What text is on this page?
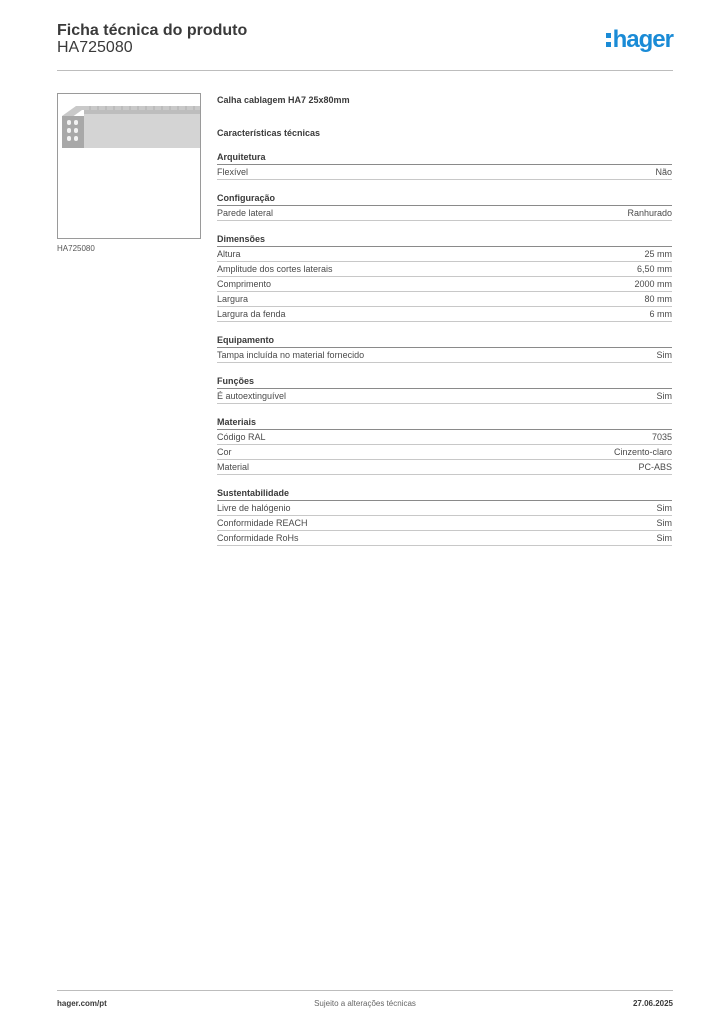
Ficha técnica do produto
HA725080	hager
HA725080
Calha cablagem HA7 25x80mm
Características técnicas
Arquitetura
Flexível	Não
Configuração
Parede lateral	Ranhurado
Dimensões
Altura	25 mm
Amplitude dos cortes laterais	6,50 mm
Comprimento	2000 mm
Largura	80 mm
Largura da fenda	6 mm
Equipamento
Tampa incluída no material fornecido	Sim
Funções
É autoextinguível	Sim
Materiais
Código RAL	7035
Cor	Cinzento-claro
Material	PC-ABS
Sustentabilidade
Livre de halógenio	Sim
Conformidade REACH	Sim
Conformidade RoHs	Sim
hager.com/pt	Sujeito a alterações técnicas	27.06.2025
